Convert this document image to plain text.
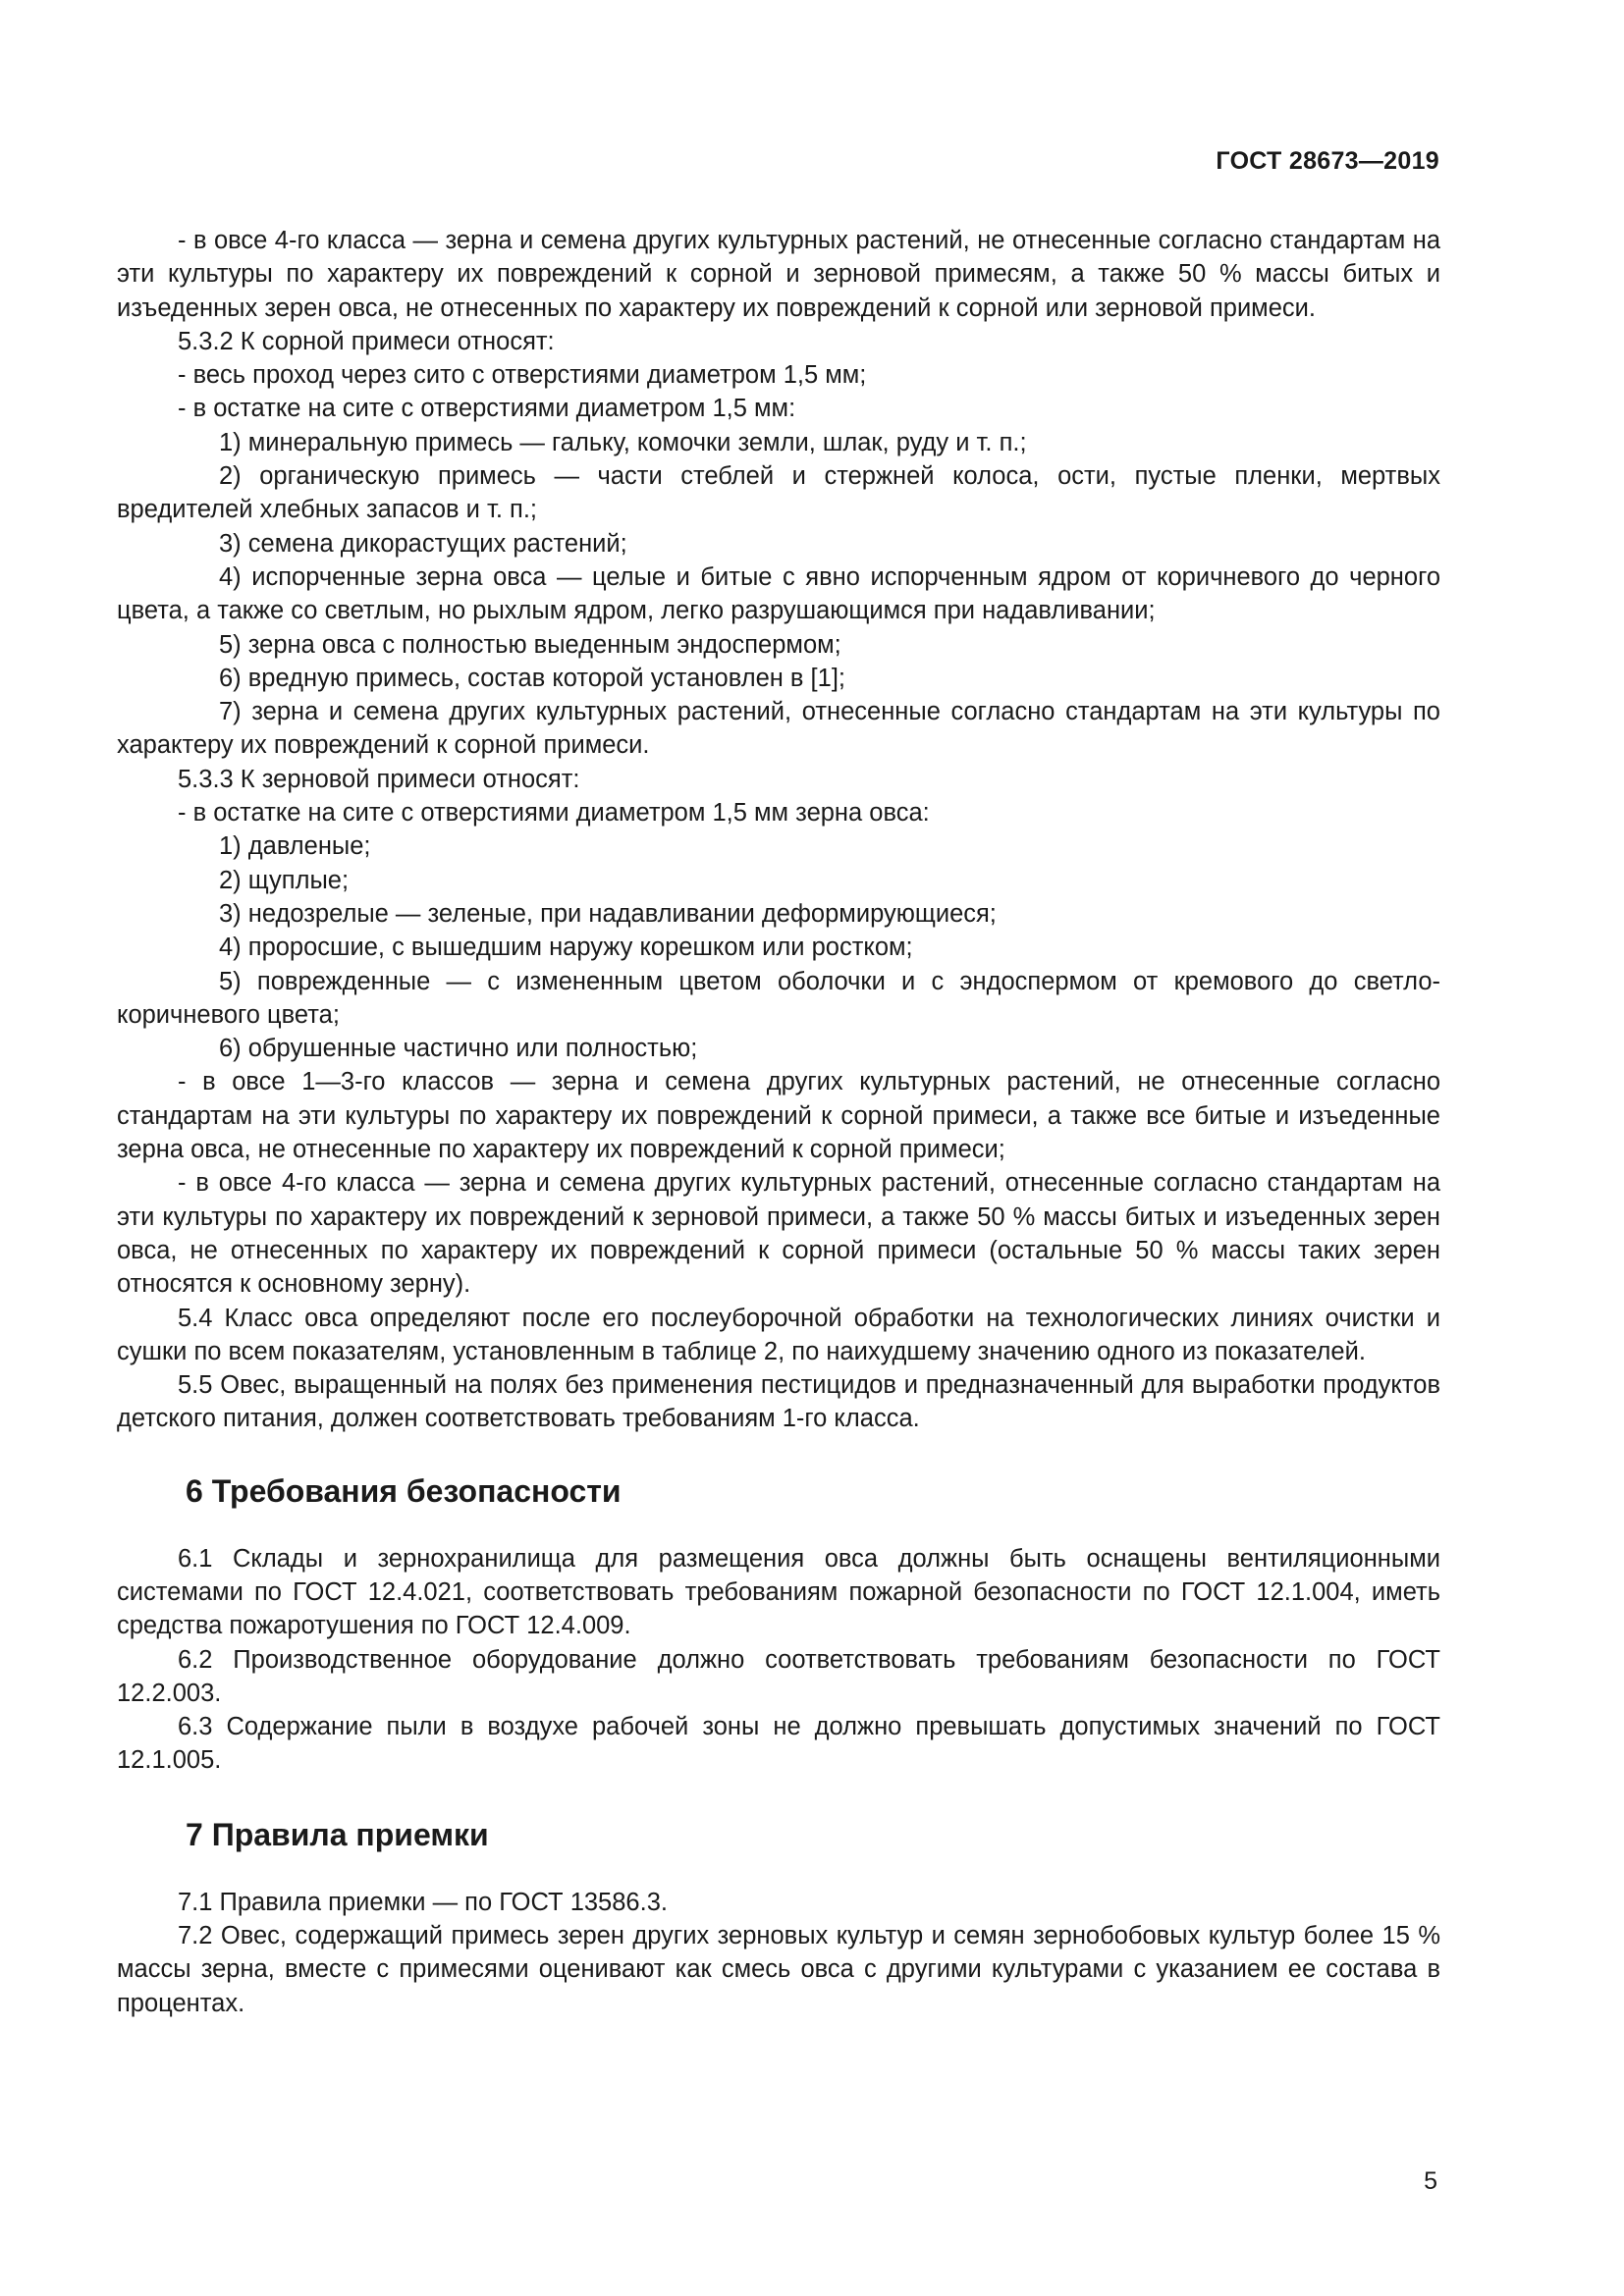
ГОСТ 28673—2019

- в овсе 4-го класса — зерна и семена других культурных растений, не отнесенные согласно стандартам на эти культуры по характеру их повреждений к сорной и зерновой примесям, а также 50 % массы битых и изъеденных зерен овса, не отнесенных по характеру их повреждений к сорной или зерновой примеси.

5.3.2 К сорной примеси относят:

- весь проход через сито с отверстиями диаметром 1,5 мм;

- в остатке на сите с отверстиями диаметром 1,5 мм:

1) минеральную примесь — гальку, комочки земли, шлак, руду и т. п.;

2) органическую примесь — части стеблей и стержней колоса, ости, пустые пленки, мертвых вредителей хлебных запасов и т. п.;

3) семена дикорастущих растений;

4) испорченные зерна овса — целые и битые с явно испорченным ядром от коричневого до черного цвета, а также со светлым, но рыхлым ядром, легко разрушающимся при надавливании;

5) зерна овса с полностью выеденным эндоспермом;

6) вредную примесь, состав которой установлен в [1];

7) зерна и семена других культурных растений, отнесенные согласно стандартам на эти культуры по характеру их повреждений к сорной примеси.

5.3.3 К зерновой примеси относят:

- в остатке на сите с отверстиями диаметром 1,5 мм зерна овса:

1) давленые;

2) щуплые;

3) недозрелые — зеленые, при надавливании деформирующиеся;

4) проросшие, с вышедшим наружу корешком или ростком;

5) поврежденные — с измененным цветом оболочки и с эндоспермом от кремового до светло-коричневого цвета;

6) обрушенные частично или полностью;

- в овсе 1—3-го классов — зерна и семена других культурных растений, не отнесенные согласно стандартам на эти культуры по характеру их повреждений к сорной примеси, а также все битые и изъеденные зерна овса, не отнесенные по характеру их повреждений к сорной примеси;

- в овсе 4-го класса — зерна и семена других культурных растений, отнесенные согласно стандартам на эти культуры по характеру их повреждений к зерновой примеси, а также 50 % массы битых и изъеденных зерен овса, не отнесенных по характеру их повреждений к сорной примеси (остальные 50 % массы таких зерен относятся к основному зерну).

5.4 Класс овса определяют после его послеуборочной обработки на технологических линиях очистки и сушки по всем показателям, установленным в таблице 2, по наихудшему значению одного из показателей.

5.5 Овес, выращенный на полях без применения пестицидов и предназначенный для выработки продуктов детского питания, должен соответствовать требованиям 1-го класса.

6 Требования безопасности

6.1 Склады и зернохранилища для размещения овса должны быть оснащены вентиляционными системами по ГОСТ 12.4.021, соответствовать требованиям пожарной безопасности по ГОСТ 12.1.004, иметь средства пожаротушения по ГОСТ 12.4.009.

6.2 Производственное оборудование должно соответствовать требованиям безопасности по ГОСТ 12.2.003.

6.3 Содержание пыли в воздухе рабочей зоны не должно превышать допустимых значений по ГОСТ 12.1.005.

7 Правила приемки

7.1 Правила приемки — по ГОСТ 13586.3.

7.2 Овес, содержащий примесь зерен других зерновых культур и семян зернобобовых культур более 15 % массы зерна, вместе с примесями оценивают как смесь овса с другими культурами с указанием ее состава в процентах.

5
